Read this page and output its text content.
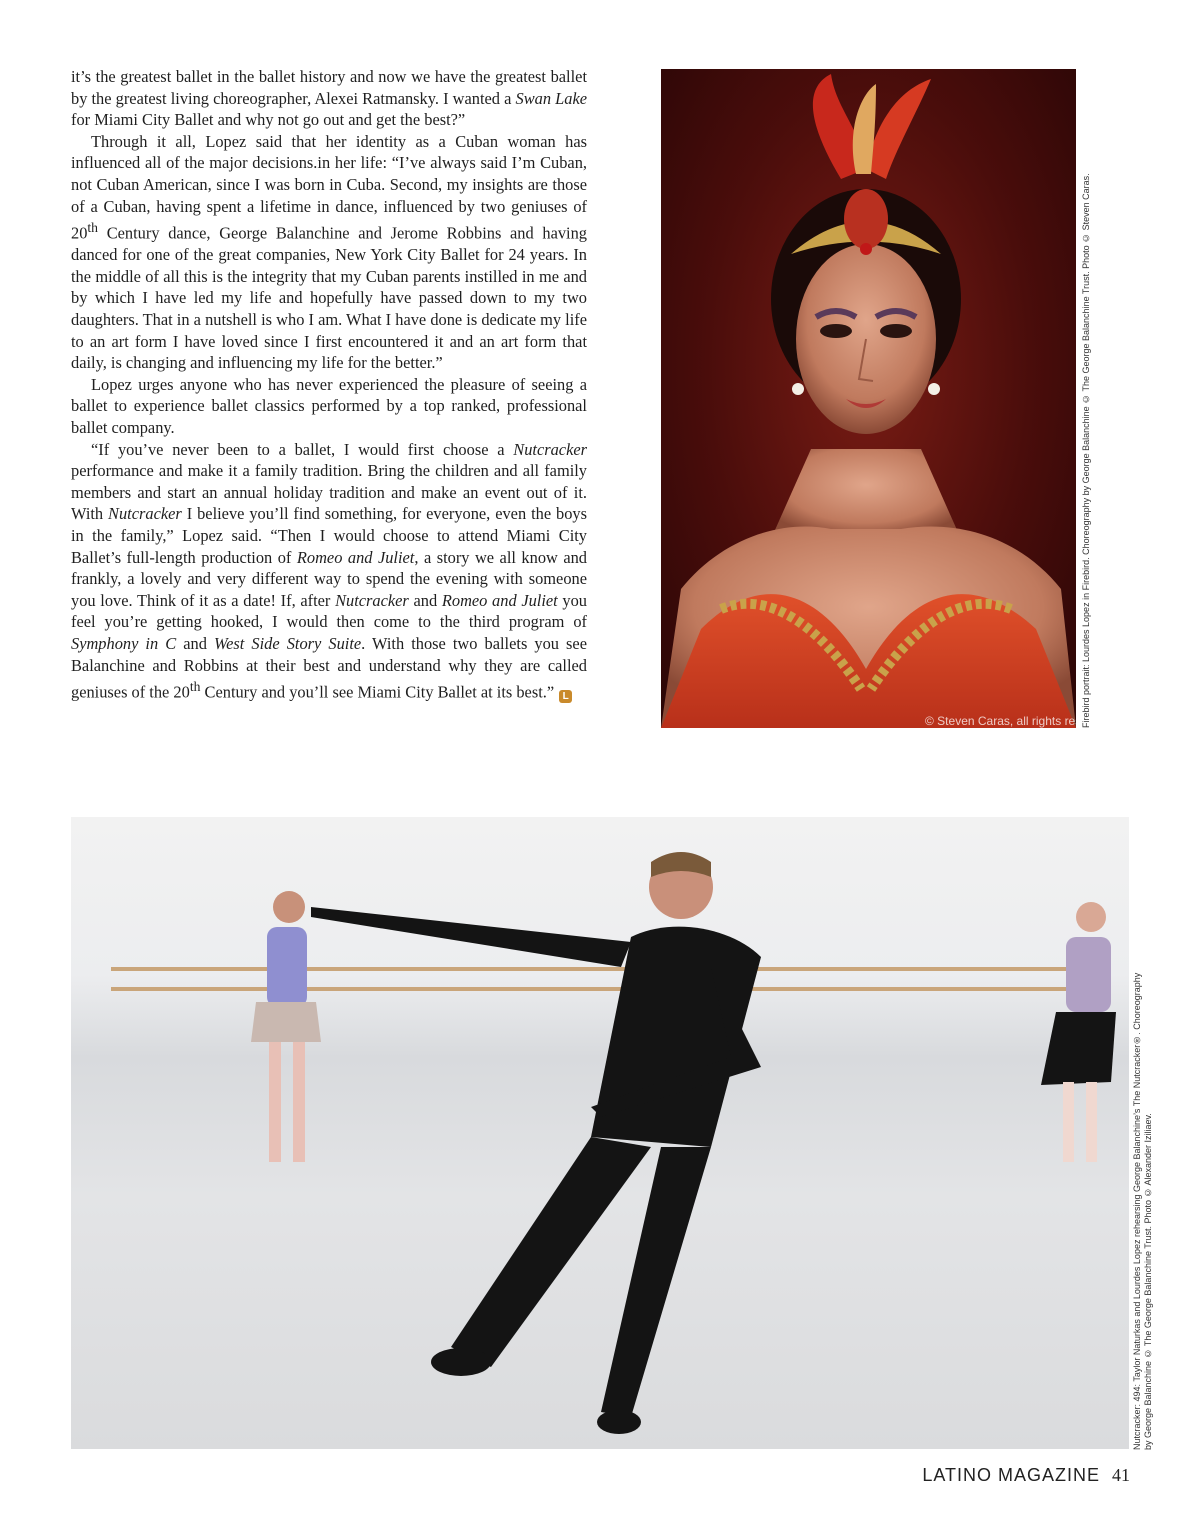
it’s the greatest ballet in the ballet history and now we have the greatest ballet by the greatest living choreographer, Alexei Ratmansky. I wanted a Swan Lake for Miami City Ballet and why not go out and get the best?”

Through it all, Lopez said that her identity as a Cuban woman has influenced all of the major decisions.in her life: “I’ve always said I’m Cuban, not Cuban American, since I was born in Cuba. Second, my insights are those of a Cuban, having spent a lifetime in dance, influenced by two geniuses of 20th Century dance, George Balanchine and Jerome Robbins and having danced for one of the great companies, New York City Ballet for 24 years. In the middle of all this is the integrity that my Cuban parents instilled in me and by which I have led my life and hopefully have passed down to my two daughters. That in a nutshell is who I am. What I have done is dedicate my life to an art form I have loved since I first encountered it and an art form that daily, is changing and influencing my life for the better.”

Lopez urges anyone who has never experienced the pleasure of seeing a ballet to experience ballet classics performed by a top ranked, professional ballet company.

“If you’ve never been to a ballet, I would first choose a Nutcracker performance and make it a family tradition. Bring the children and all family members and start an annual holiday tradition and make an event out of it. With Nutcracker I believe you’ll find something, for everyone, even the boys in the family,” Lopez said. “Then I would choose to attend Miami City Ballet’s full-length production of Romeo and Juliet, a story we all know and frankly, a lovely and very different way to spend the evening with someone you love. Think of it as a date! If, after Nutcracker and Romeo and Juliet you feel you’re getting hooked, I would then come to the third program of Symphony in C and West Side Story Suite. With those two ballets you see Balanchine and Robbins at their best and understand why they are called geniuses of the 20th Century and you’ll see Miami City Ballet at its best.” L

© Steven Caras, all rights reser
Firebird portrait: Lourdes Lopez in Firebird. Choreography by George Balanchine © The George Balanchine Trust. Photo © Steven Caras.
Nutcracker: 494: Taylor Naturkas and Lourdes Lopez rehearsing George Balanchine’s The Nutcracker®. Choreography
by George Balanchine © The George Balanchine Trust. Photo © Alexander Iziliaev.
LATINO MAGAZINE 41
